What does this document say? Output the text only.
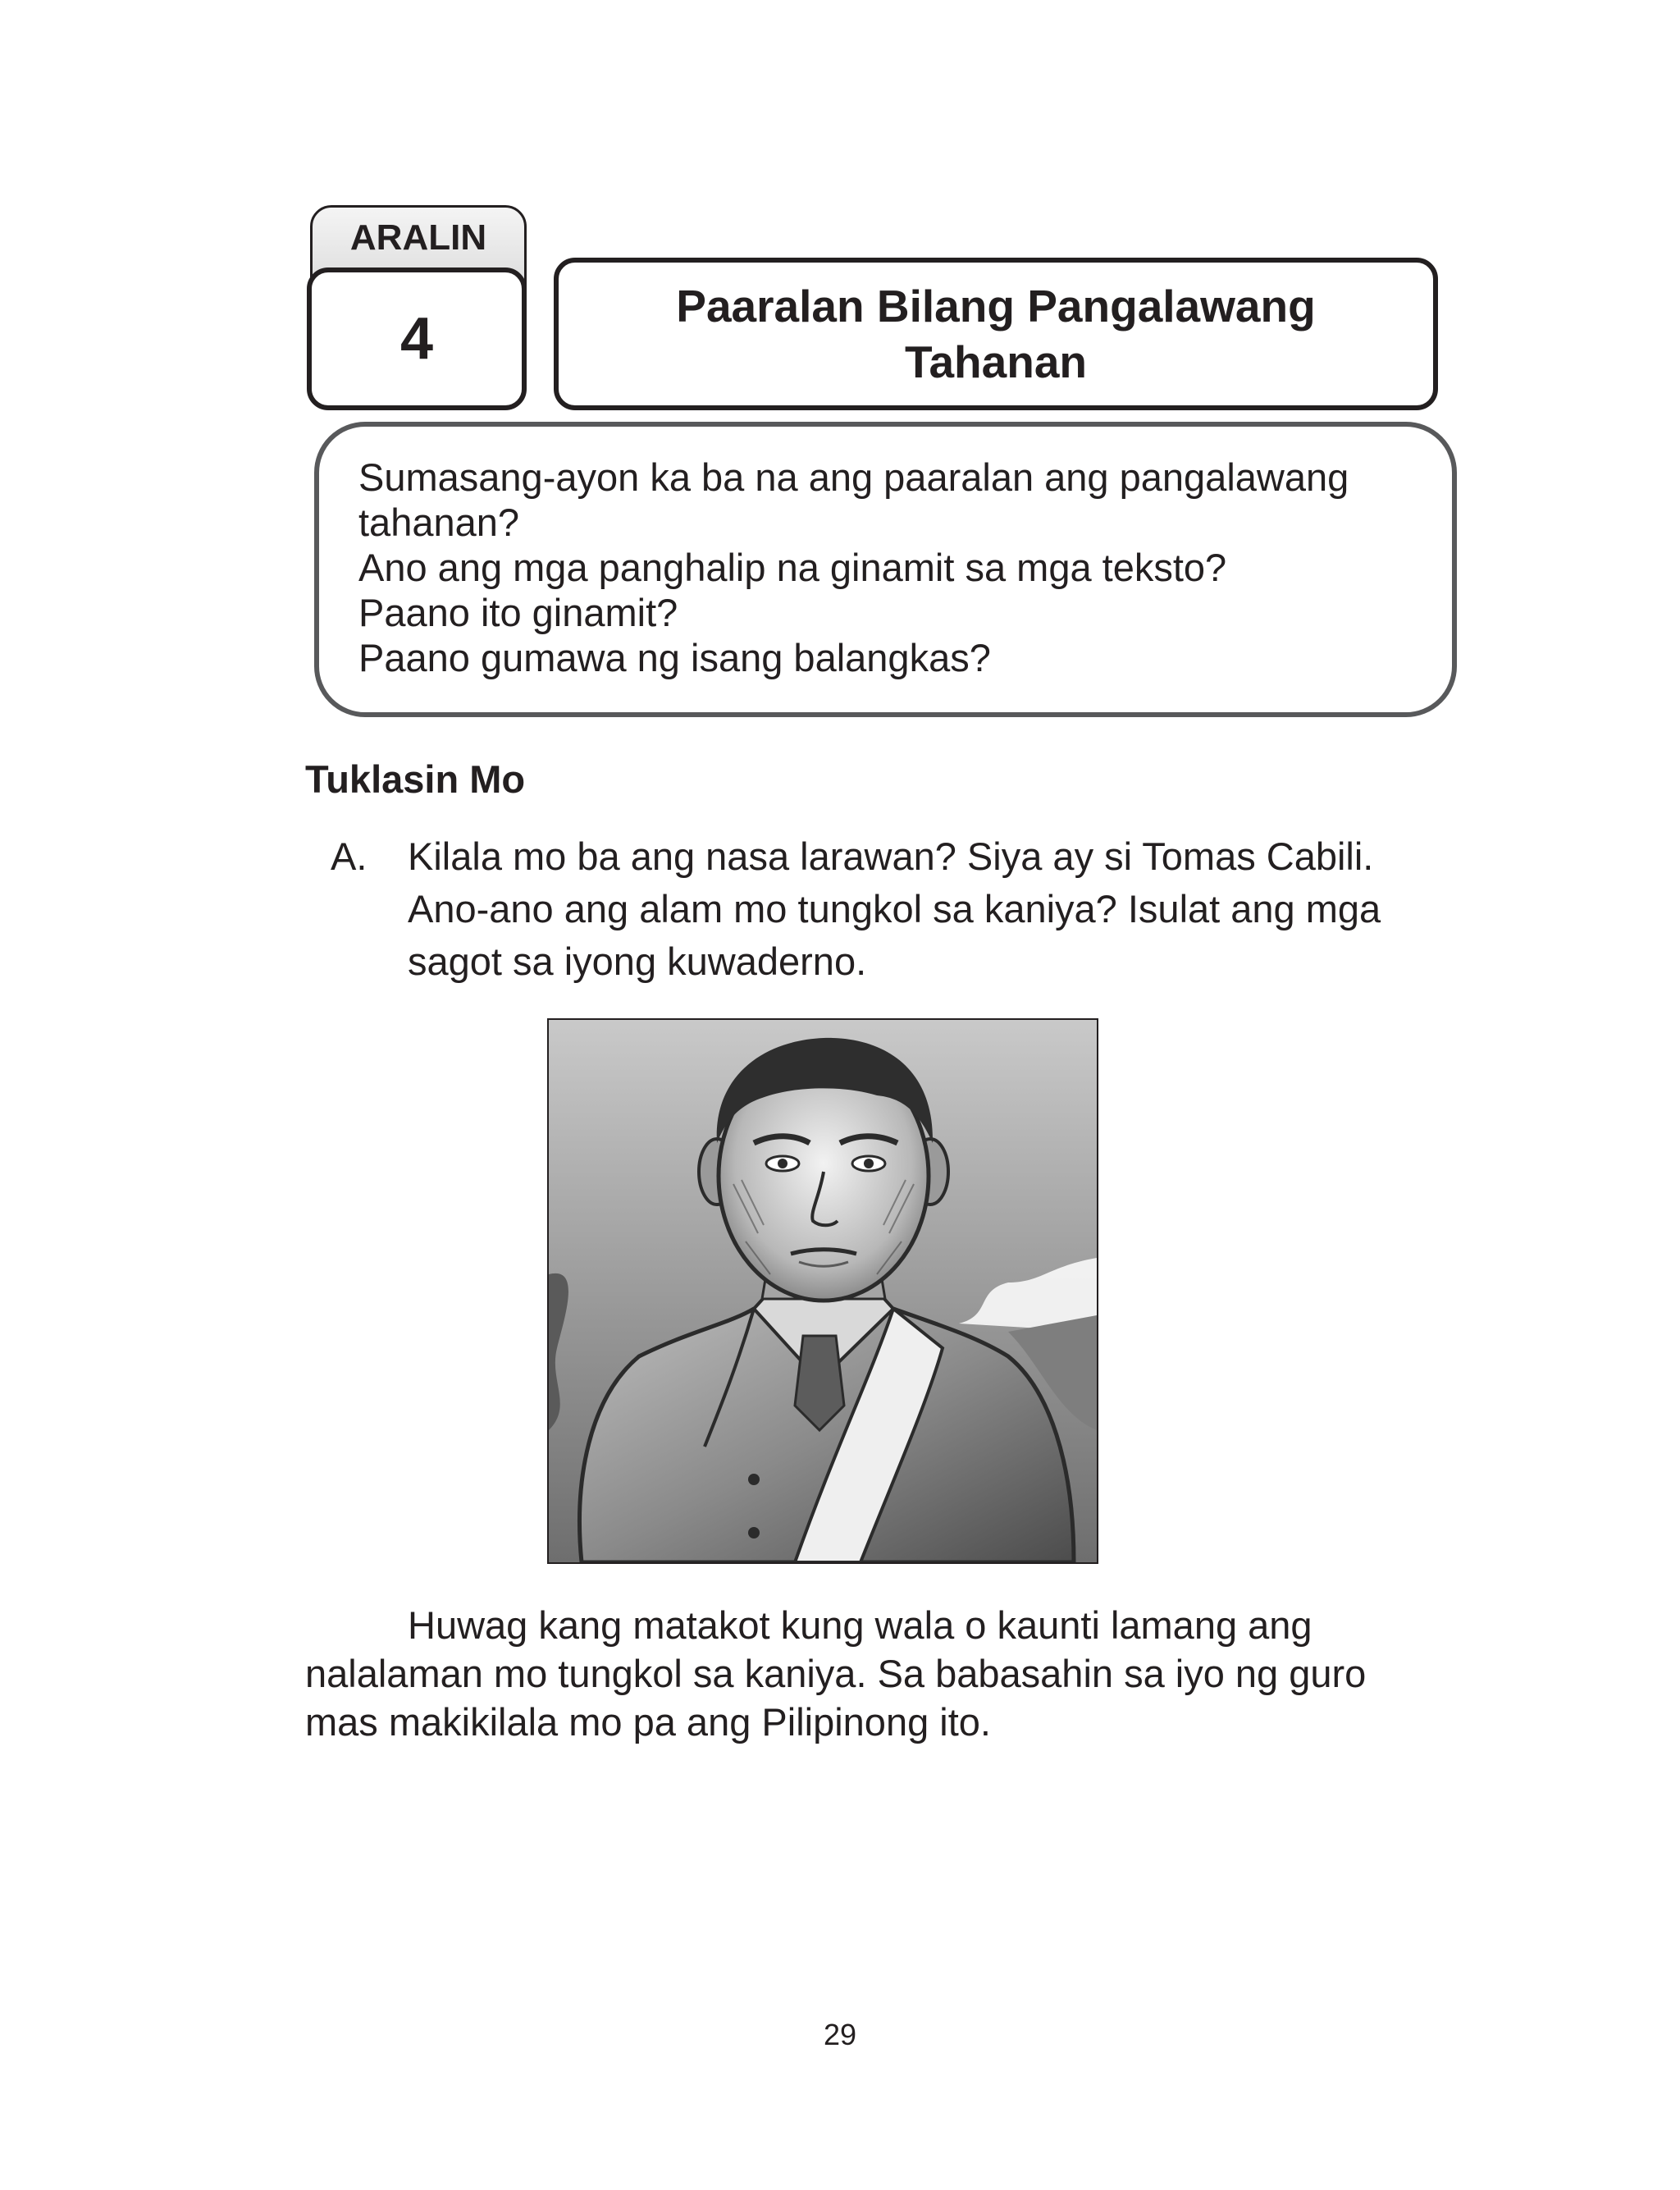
ARALIN
4	Paaralan Bilang Pangalawang Tahanan
Sumasang-ayon ka ba na ang paaralan ang pangalawang
tahanan?
Ano ang mga panghalip na ginamit sa mga teksto?
Paano ito ginamit?
Paano gumawa ng isang balangkas?
Tuklasin Mo
A. Kilala mo ba ang nasa larawan? Siya ay si Tomas Cabili.
Ano-ano ang alam mo tungkol sa kaniya? Isulat ang mga
sagot sa iyong kuwaderno.
Huwag kang matakot kung wala o kaunti lamang ang
nalalaman mo tungkol sa kaniya. Sa babasahin sa iyo ng guro
mas makikilala mo pa ang Pilipinong ito.
29
